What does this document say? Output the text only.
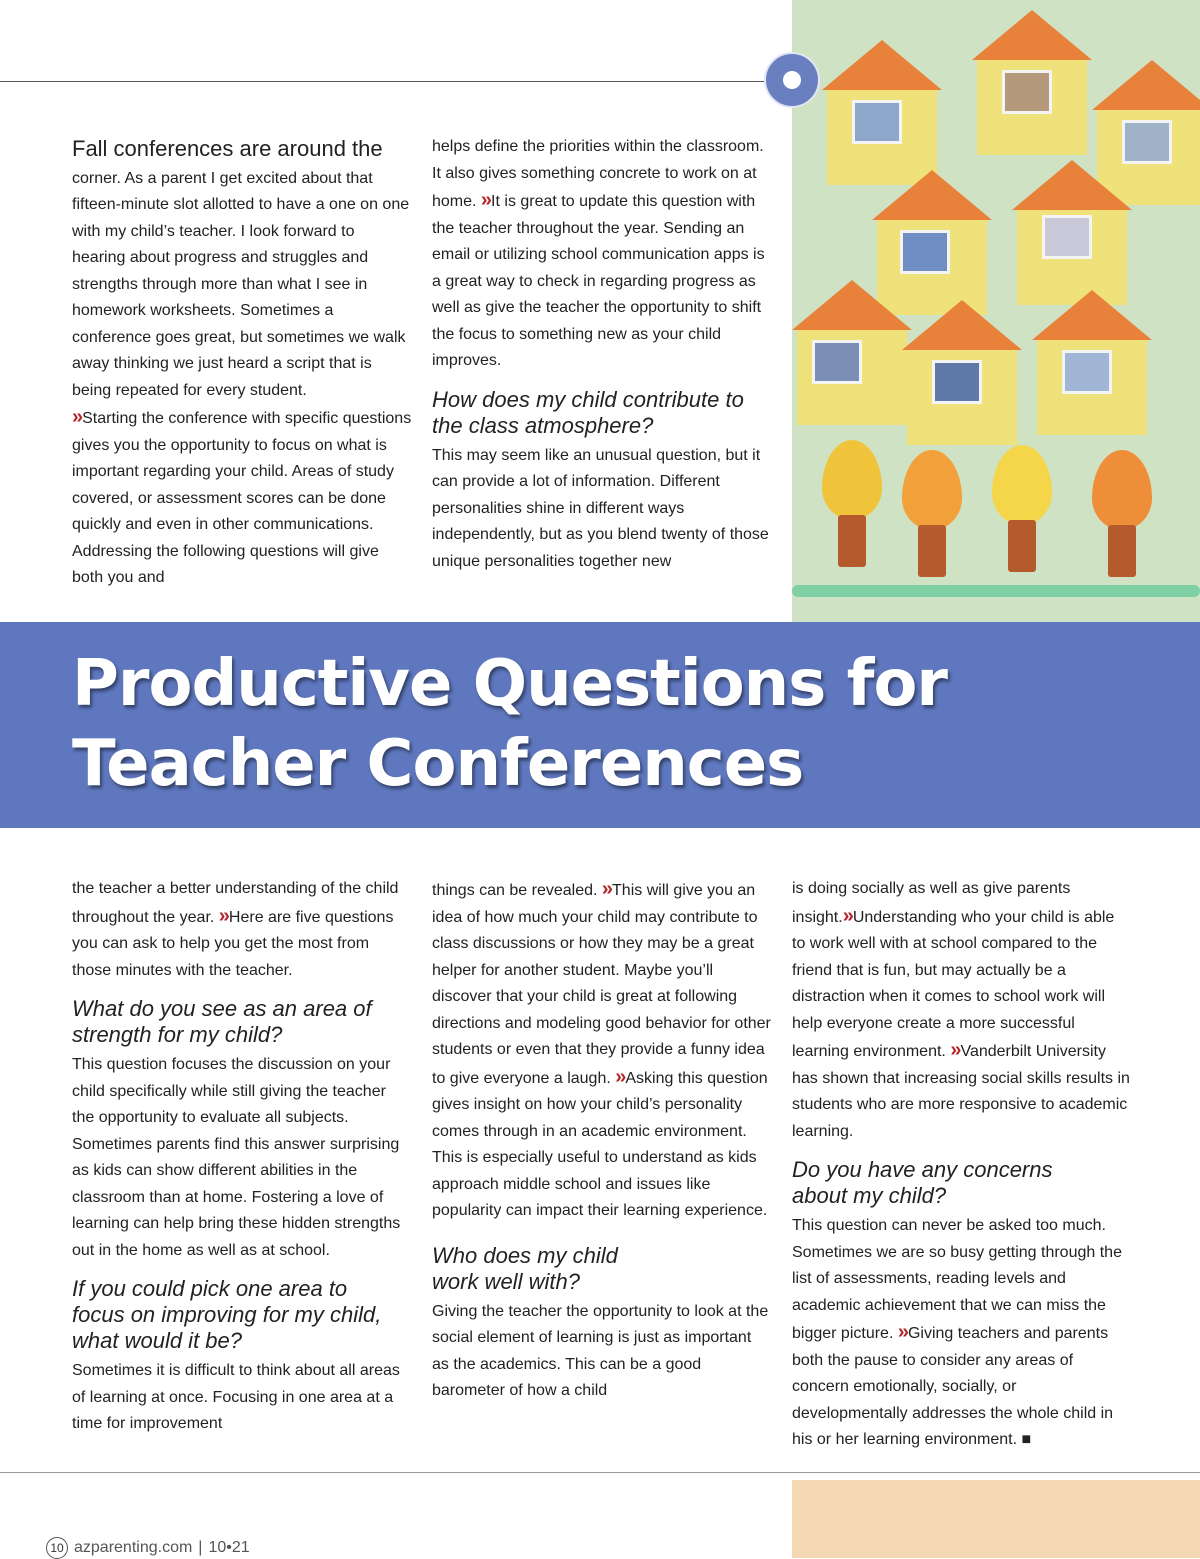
Fall conferences are around the
corner. As a parent I get excited about that fifteen-minute slot allotted to have a one on one with my child’s teacher. I look forward to hearing about progress and struggles and strengths through more than what I see in homework worksheets. Sometimes a conference goes great, but sometimes we walk away thinking we just heard a script that is being repeated for every student.

» Starting the conference with specific questions gives you the opportunity to focus on what is important regarding your child. Areas of study covered, or assessment scores can be done quickly and even in other communications. Addressing the following questions will give both you and

helps define the priorities within the classroom. It also gives something concrete to work on at home. » It is great to update this question with the teacher throughout the year. Sending an email or utilizing school communication apps is a great way to check in regarding progress as well as give the teacher the opportunity to shift the focus to something new as your child improves.

How does my child contribute to
the class atmosphere?

This may seem like an unusual question, but it can provide a lot of information. Different personalities shine in different ways independently, but as you blend twenty of those unique personalities together new

Productive Questions for
Teacher Conferences

the teacher a better understanding of the child throughout the year. » Here are five questions you can ask to help you get the most from those minutes with the teacher.

What do you see as an area of
strength for my child?

This question focuses the discussion on your child specifically while still giving the teacher the opportunity to evaluate all subjects. Sometimes parents find this answer surprising as kids can show different abilities in the classroom than at home. Fostering a love of learning can help bring these hidden strengths out in the home as well as at school.

If you could pick one area to
focus on improving for my child,
what would it be?

Sometimes it is difficult to think about all areas of learning at once. Focusing in one area at a time for improvement

things can be revealed. » This will give you an idea of how much your child may contribute to class discussions or how they may be a great helper for another student. Maybe you’ll discover that your child is great at following directions and modeling good behavior for other students or even that they provide a funny idea to give everyone a laugh. » Asking this question gives insight on how your child’s personality comes through in an academic environment. This is especially useful to understand as kids approach middle school and issues like popularity can impact their learning experience.

Who does my child
work well with?

Giving the teacher the opportunity to look at the social element of learning is just as important as the academics. This can be a good barometer of how a child

is doing socially as well as give parents insight.» Understanding who your child is able to work well with at school compared to the friend that is fun, but may actually be a distraction when it comes to school work will help everyone create a more successful learning environment. » Vanderbilt University has shown that increasing social skills results in students who are more responsive to academic learning.

Do you have any concerns
about my child?

This question can never be asked too much. Sometimes we are so busy getting through the list of assessments, reading levels and academic achievement that we can miss the bigger picture. » Giving teachers and parents both the pause to consider any areas of concern emotionally, socially, or developmentally addresses the whole child in his or her learning environment. ■

10 azparenting.com | 10•21
